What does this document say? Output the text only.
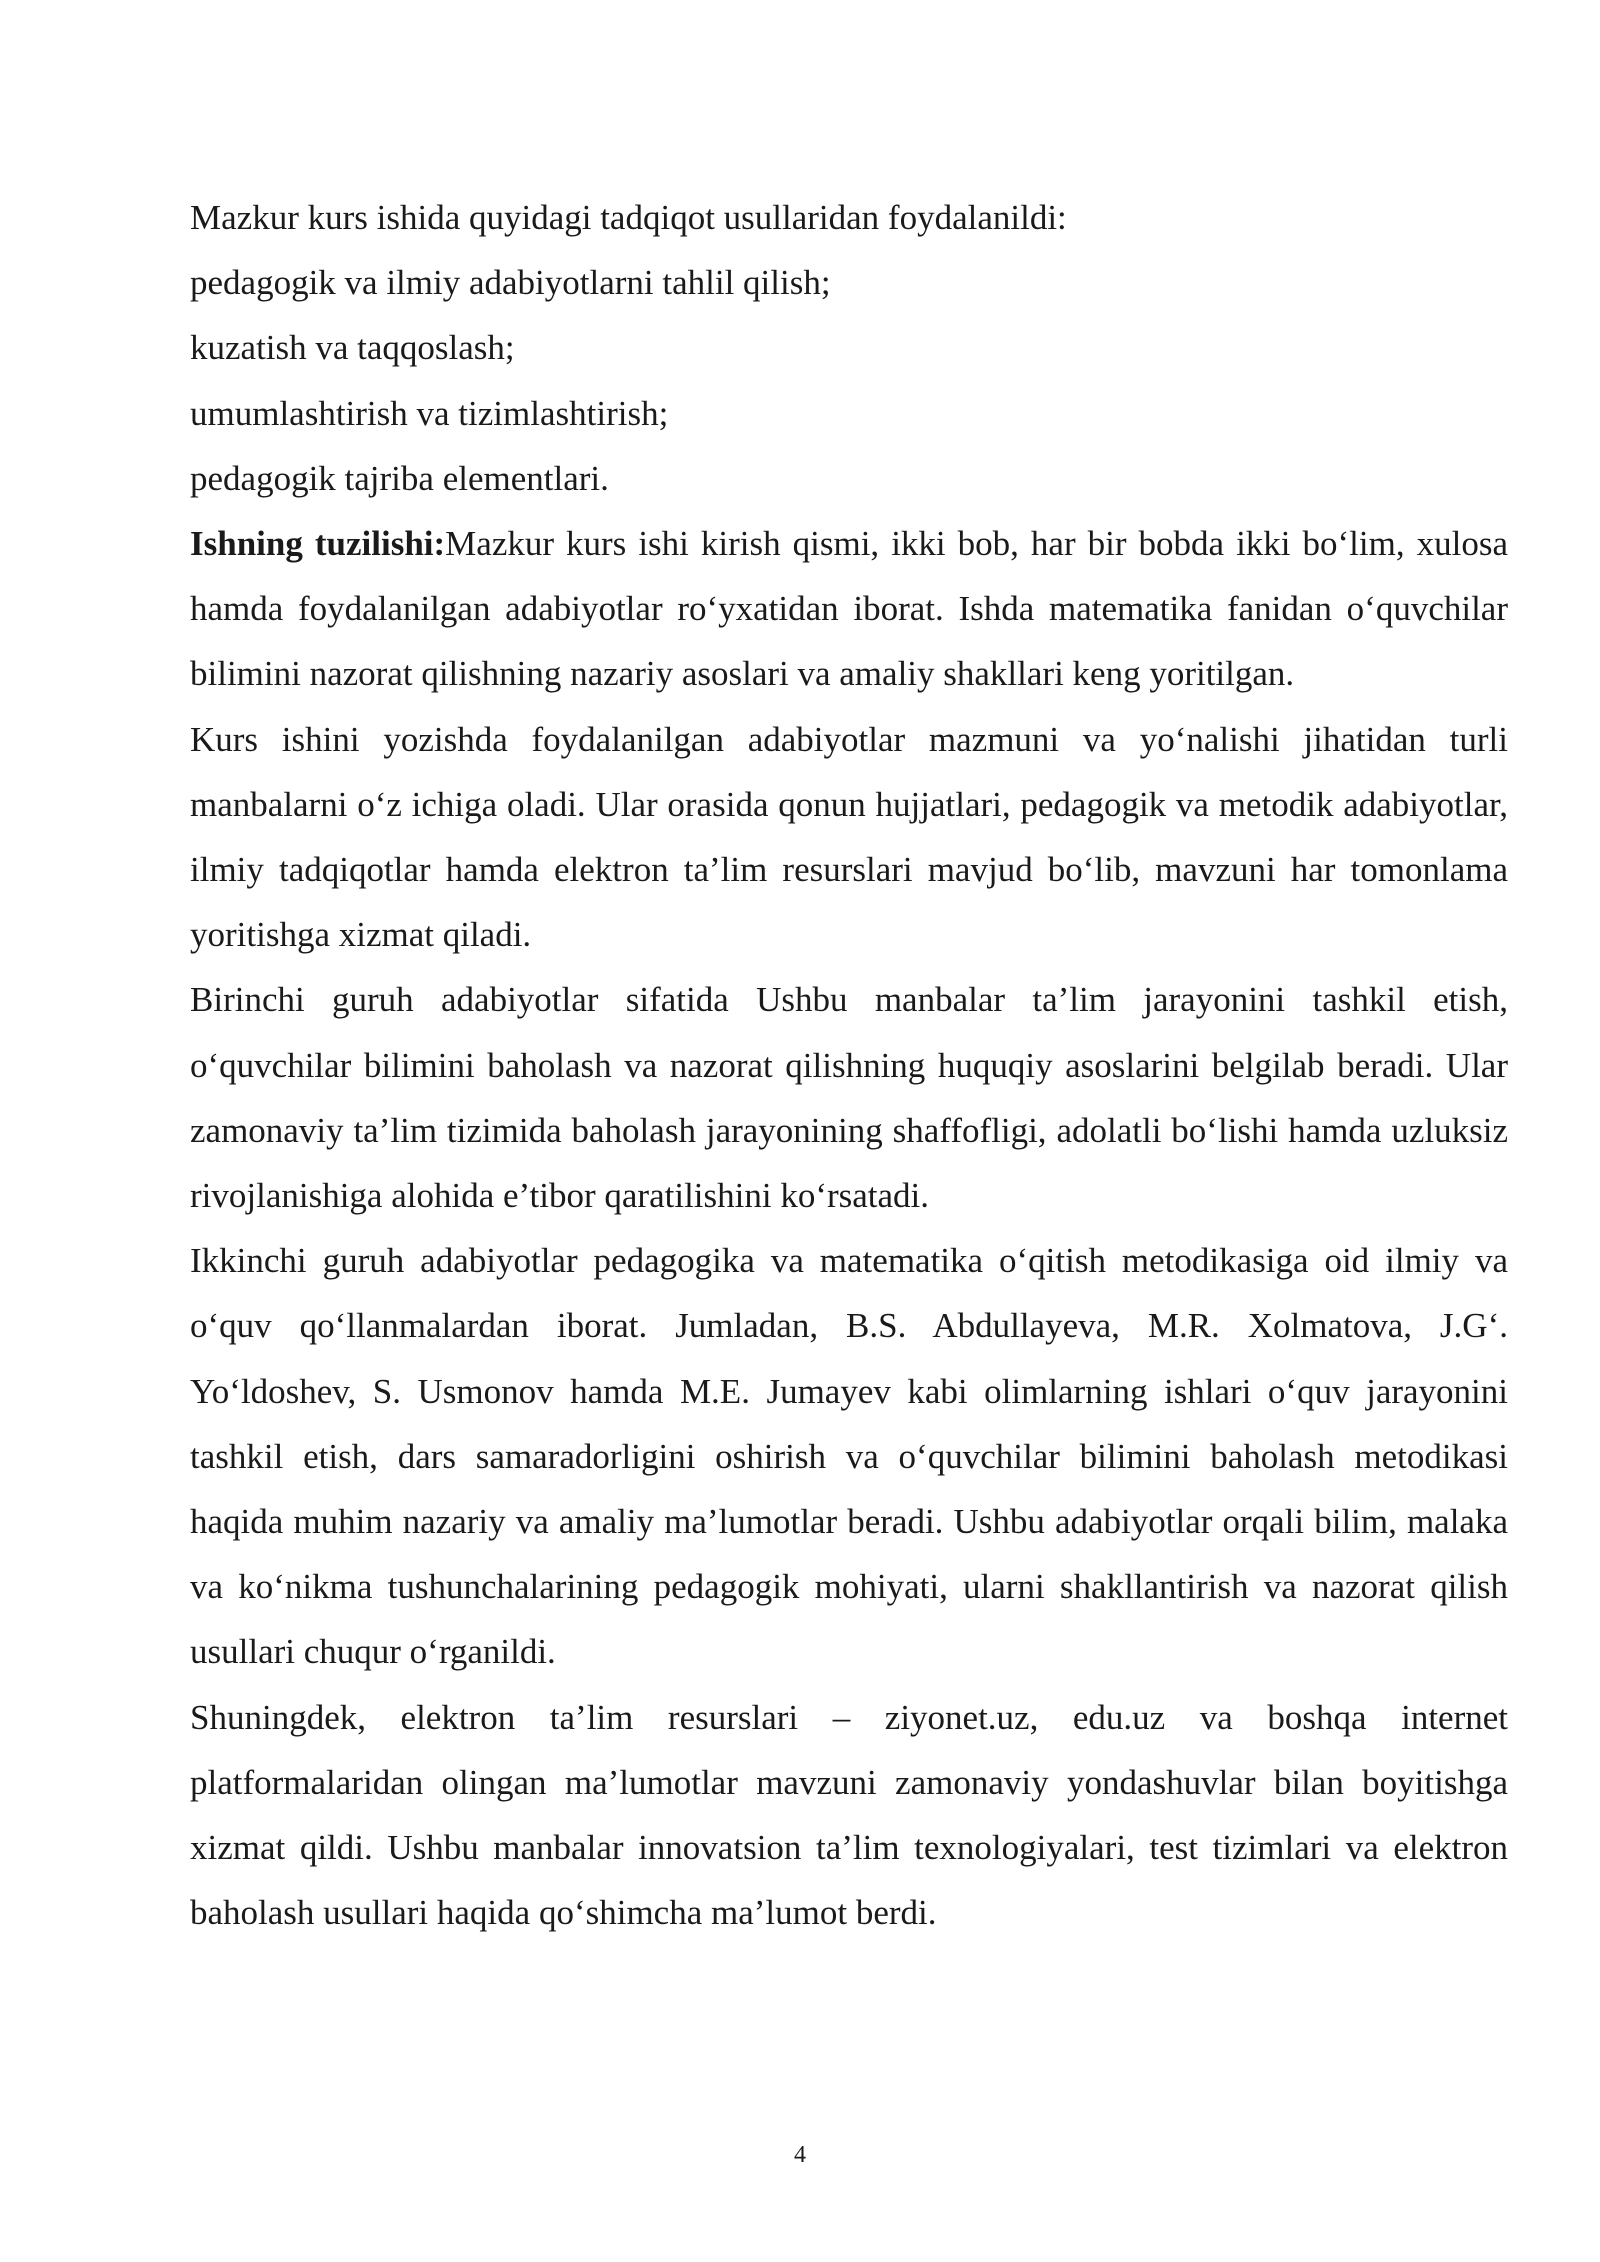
Mazkur kurs ishida quyidagi tadqiqot usullaridan foydalanildi:

pedagogik va ilmiy adabiyotlarni tahlil qilish;

kuzatish va taqqoslash;

umumlashtirish va tizimlashtirish;

pedagogik tajriba elementlari.

Ishning tuzilishi:Mazkur kurs ishi kirish qismi, ikki bob, har bir bobda ikki bo‘lim, xulosa hamda foydalanilgan adabiyotlar ro‘yxatidan iborat. Ishda matematika fanidan o‘quvchilar bilimini nazorat qilishning nazariy asoslari va amaliy shakllari keng yoritilgan.

Kurs ishini yozishda foydalanilgan adabiyotlar mazmuni va yo‘nalishi jihatidan turli manbalarni o‘z ichiga oladi. Ular orasida qonun hujjatlari, pedagogik va metodik adabiyotlar, ilmiy tadqiqotlar hamda elektron ta’lim resurslari mavjud bo‘lib, mavzuni har tomonlama yoritishga xizmat qiladi.

Birinchi guruh adabiyotlar sifatida Ushbu manbalar ta’lim jarayonini tashkil etish, o‘quvchilar bilimini baholash va nazorat qilishning huquqiy asoslarini belgilab beradi. Ular zamonaviy ta’lim tizimida baholash jarayonining shaffofligi, adolatli bo‘lishi hamda uzluksiz rivojlanishiga alohida e’tibor qaratilishini ko‘rsatadi.

Ikkinchi guruh adabiyotlar pedagogika va matematika o‘qitish metodikasiga oid ilmiy va o‘quv qo‘llanmalardan iborat. Jumladan, B.S. Abdullayeva, M.R. Xolmatova, J.G‘. Yo‘ldoshev, S. Usmonov hamda M.E. Jumayev kabi olimlarning ishlari o‘quv jarayonini tashkil etish, dars samaradorligini oshirish va o‘quvchilar bilimini baholash metodikasi haqida muhim nazariy va amaliy ma’lumotlar beradi. Ushbu adabiyotlar orqali bilim, malaka va ko‘nikma tushunchalarining pedagogik mohiyati, ularni shakllantirish va nazorat qilish usullari chuqur o‘rganildi.

Shuningdek, elektron ta’lim resurslari – ziyonet.uz, edu.uz va boshqa internet platformalaridan olingan ma’lumotlar mavzuni zamonaviy yondashuvlar bilan boyitishga xizmat qildi. Ushbu manbalar innovatsion ta’lim texnologiyalari, test tizimlari va elektron baholash usullari haqida qo‘shimcha ma’lumot berdi.

4
